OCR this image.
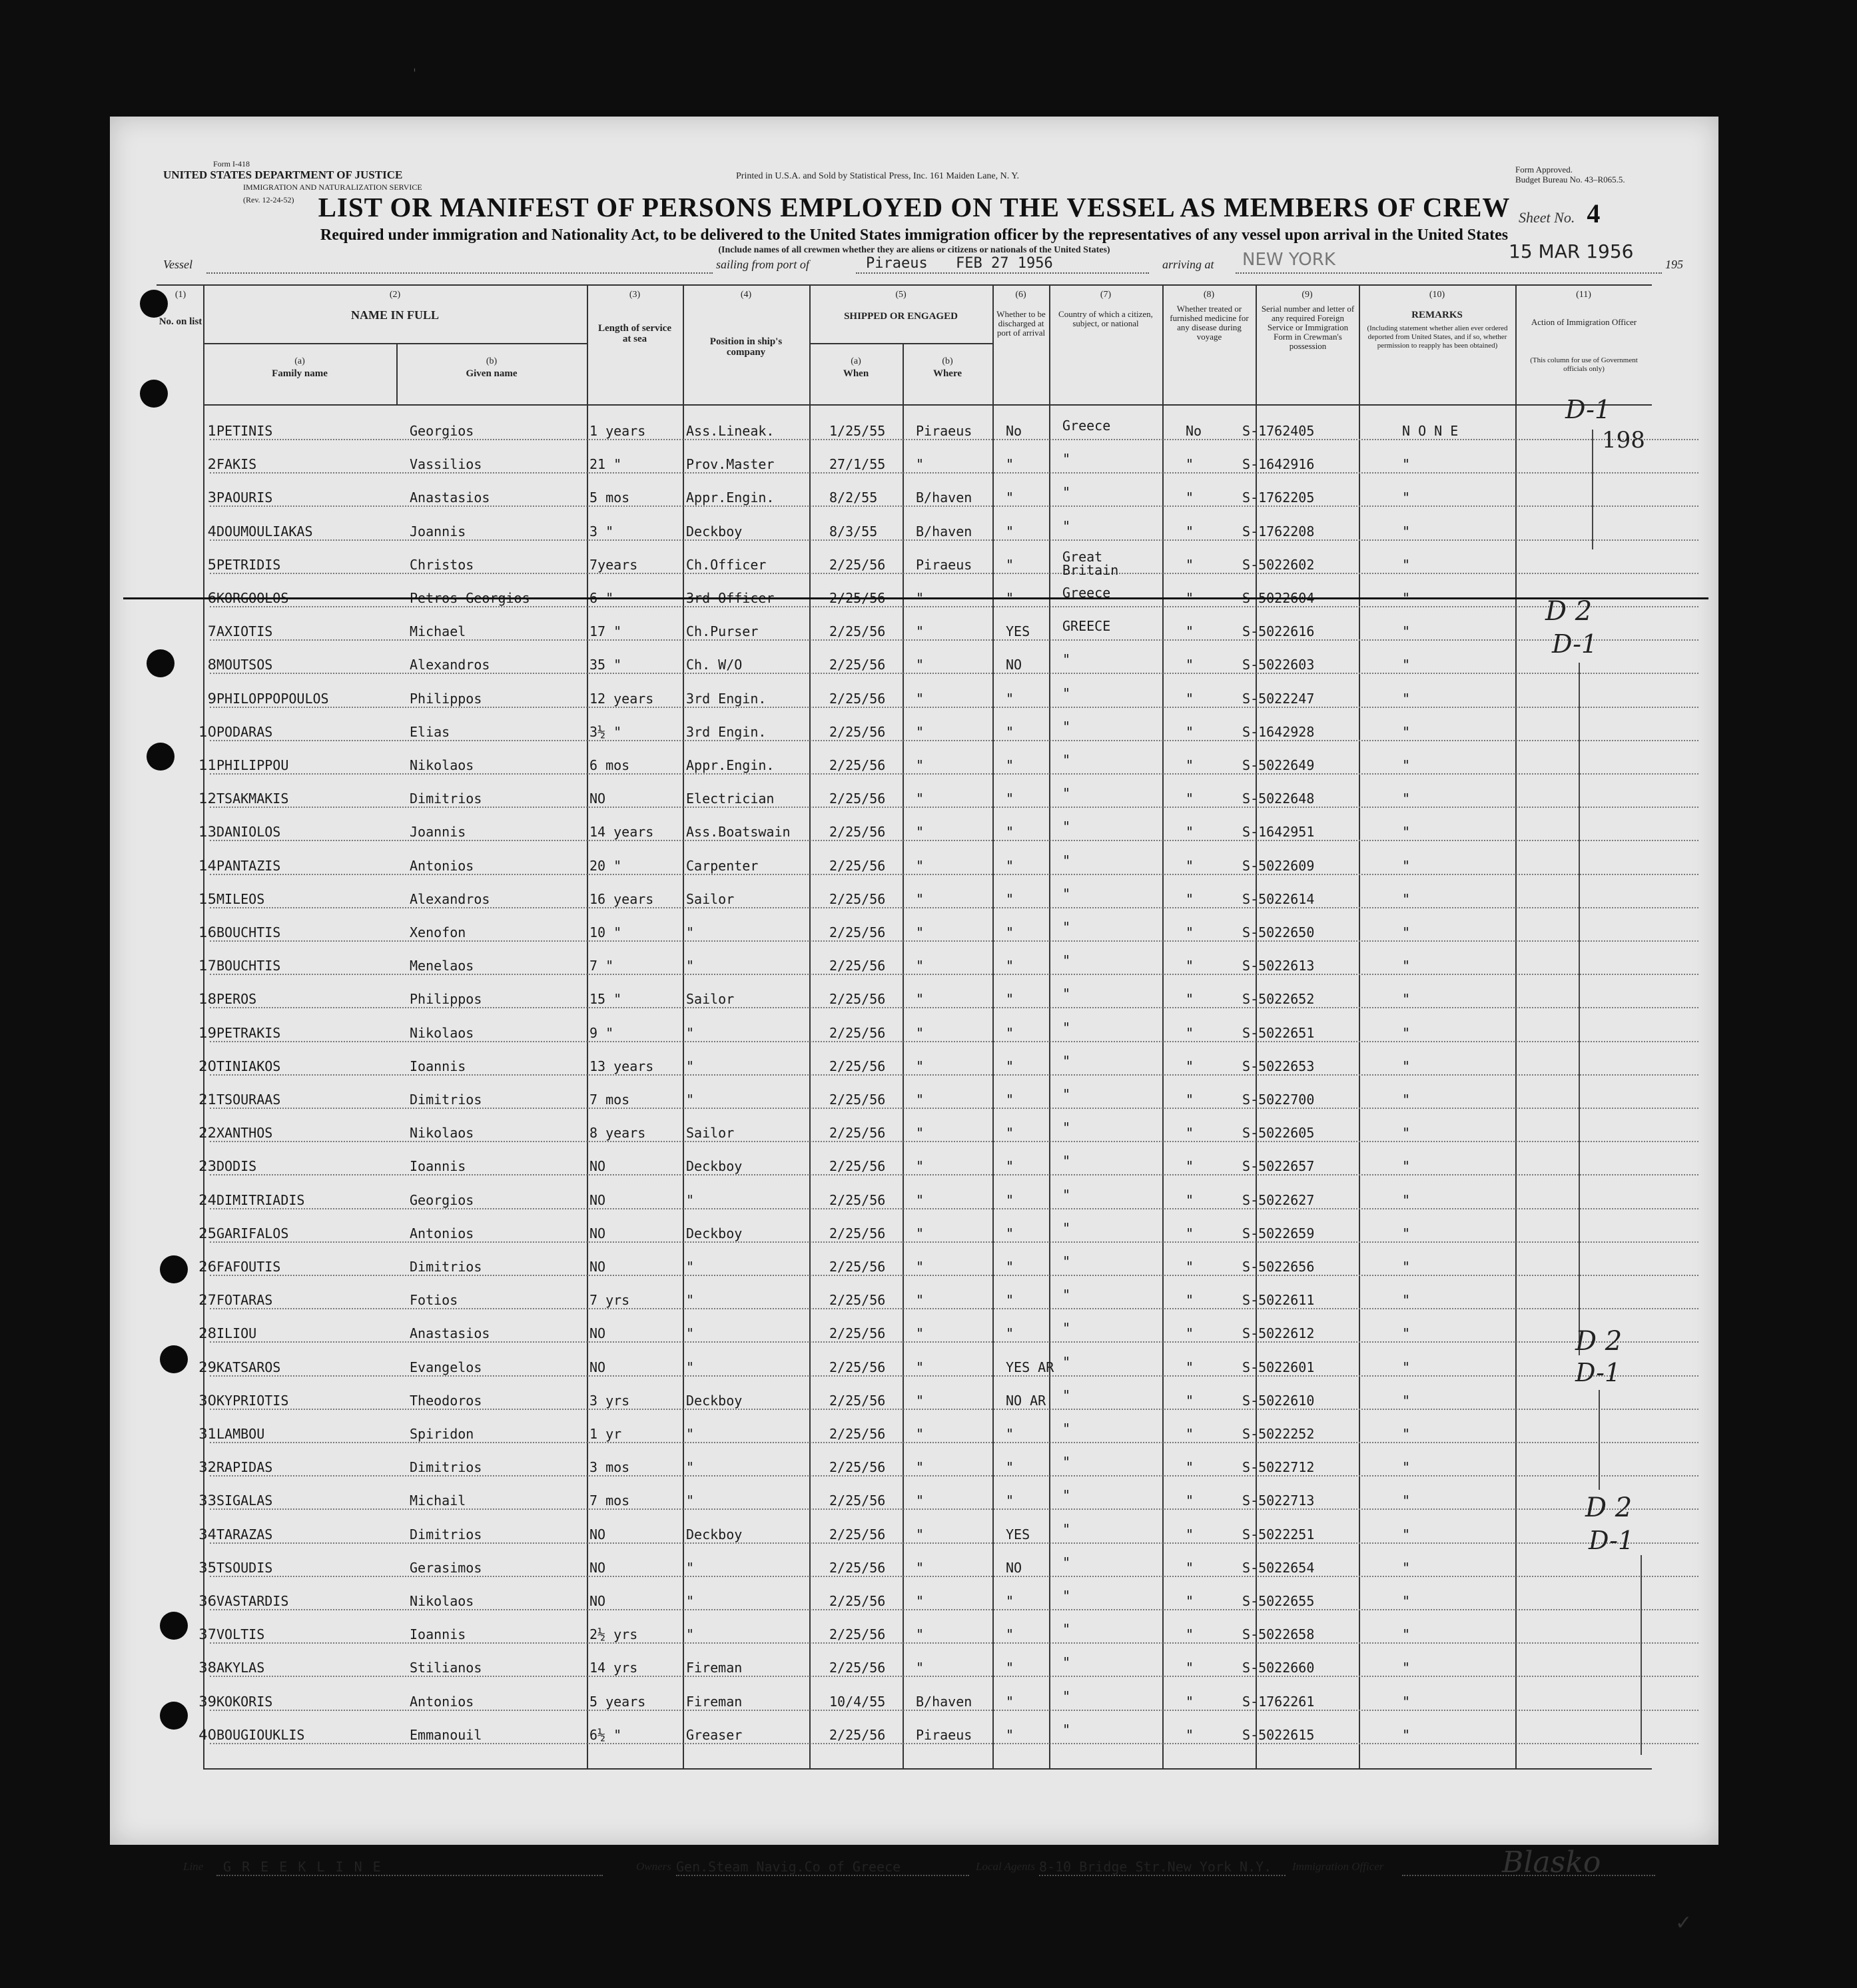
UNITED STATES DEPARTMENT OF JUSTICE

IMMIGRATION AND NATURALIZATION SERVICE
Form I-418
(Rev. 12-24-52)
Printed in U.S.A. and Sold by Statistical Press, Inc. 161 Maiden Lane, N. Y.
Form Approved.
Budget Bureau No. 43–R065.5.
LIST OR MANIFEST OF PERSONS EMPLOYED ON THE VESSEL AS MEMBERS OF CREW Sheet No. 4
Required under immigration and Nationality Act, to be delivered to the United States immigration officer by the representatives of any vessel upon arrival in the United States
(Include names of all crewmen whether they are aliens or citizens or nationals of the United States)
Vessel	sailing from port of	Piraeus FEB 27 1956	arriving at NEW YORK	15 MAR 1956
195
(1)	(2)	(3)	(4)	(5)	(6)	(7)	(8)	(9)	(10)	(11)
No. on list	NAME IN FULL
(a)
Family name
(b)
Given name
Length of service at sea	Position in ship's company
SHIPPED OR ENGAGED
(a)
When
(b)
Where
Whether to be discharged at port of arrival
Country of which a citizen, subject, or national
Whether treated or furnished medicine for any disease during voyage
Serial number and letter of any required Foreign Service or Immigration Form in Crewman's possession
REMARKS
(Including statement whether alien ever ordered deported from United States, and if so, whether permission to reapply has been obtained)
Action of Immigration Officer
(This column for use of Government officials only)
1 PETINIS	Georgios	1 years	Ass.Lineak.	1/25/55 Piraeus	No	Greece	No	S-1762405	N O N E
2 FAKIS	Vassilios	21 "	Prov.Master	27/1/55 "	"	"	"	S-1642916	"
3 PAOURIS	Anastasios	5 mos	Appr.Engin.	8/2/55	B/haven	"	"	"	S-1762205	"
4 DOUMOULIAKAS	Joannis	3 "	Deckboy	8/3/55	B/haven	"	"	"	S-1762208	"
5 PETRIDIS	Christos	7years	Ch.Officer	2/25/56 Piraeus	"	Great Britain	"	S-5022602	"
6 KORGOOLOS	Petros-Georgios	6 "	3rd Officer	2/25/56 "	"	Greece	"	S-5022604	"
7 AXIOTIS	Michael	17 "	Ch.Purser	2/25/56 "	YES GREECE	"	S-5022616	"
8 MOUTSOS	Alexandros	35 "	Ch. W/O	2/25/56 "	NO	"	"	S-5022603	"
9 PHILOPPOPOULOS	Philippos	12 years 3rd Engin.	2/25/56 "	"	"	"	S-5022247	"
10 PODARAS	Elias	3½ "	3rd Engin.	2/25/56 "	"	"	"	S-1642928	"
11 PHILIPPOU	Nikolaos	6 mos	Appr.Engin.	2/25/56 "	"	"	"	S-5022649	"
12 TSAKMAKIS	Dimitrios	NO	Electrician	2/25/56 "	"	"	"	S-5022648	"
13 DANIOLOS	Joannis	14 years Ass.Boatswain	2/25/56 "	"	"	"	S-1642951	"
14 PANTAZIS	Antonios	20 "	Carpenter	2/25/56 "	"	"	"	S-5022609	"
15 MILEOS	Alexandros	16 years Sailor	2/25/56 "	"	"	"	S-5022614	"
16 BOUCHTIS	Xenofon	10 "	"	2/25/56 "	"	"	"	S-5022650	"
17 BOUCHTIS	Menelaos	7 "	"	2/25/56 "	"	"	"	S-5022613	"
18 PEROS	Philippos	15 "	Sailor	2/25/56 "	"	"	"	S-5022652	"
19 PETRAKIS	Nikolaos	9 "	"	2/25/56 "	"	"	"	S-5022651	"
20 TINIAKOS	Ioannis	13 years "	2/25/56 "	"	"	"	S-5022653	"
21 TSOURAAS	Dimitrios	7 mos	"	2/25/56 "	"	"	"	S-5022700	"
22 XANTHOS	Nikolaos	8 years	Sailor	2/25/56 "	"	"	"	S-5022605	"
23 DODIS	Ioannis	NO	Deckboy	2/25/56 "	"	"	"	S-5022657	"
24 DIMITRIADIS	Georgios	NO	"	2/25/56 "	"	"	"	S-5022627	"
25 GARIFALOS	Antonios	NO	Deckboy	2/25/56 "	"	"	"	S-5022659	"
26 FAFOUTIS	Dimitrios	NO	"	2/25/56 "	"	"	"	S-5022656	"
27 FOTARAS	Fotios	7 yrs	"	2/25/56 "	"	"	"	S-5022611	"
28 ILIOU	Anastasios	NO	"	2/25/56 "	"	"	"	S-5022612	"
29 KATSAROS	Evangelos	NO	"	2/25/56 "	YES AR "	"	S-5022601	"
30 KYPRIOTIS	Theodoros	3 yrs	Deckboy	2/25/56 "	NO AR "	"	S-5022610	"
31 LAMBOU	Spiridon	1 yr	"	2/25/56 "	"	"	"	S-5022252	"
32 RAPIDAS	Dimitrios	3 mos	"	2/25/56 "	"	"	"	S-5022712	"
33 SIGALAS	Michail	7 mos	"	2/25/56 "	"	"	"	S-5022713	"
34 TARAZAS	Dimitrios	NO	Deckboy	2/25/56 "	YES "	"	S-5022251	"
35 TSOUDIS	Gerasimos	NO	"	2/25/56 "	NO	"	"	S-5022654	"
36 VASTARDIS	Nikolaos	NO	"	2/25/56 "	"	"	"	S-5022655	"
37 VOLTIS	Ioannis	2½ yrs	"	2/25/56 "	"	"	"	S-5022658	"
38 AKYLAS	Stilianos	14 yrs	Fireman	2/25/56 "	"	"	"	S-5022660	"
39 KOKORIS	Antonios	5 years	Fireman	10/4/55 B/haven	"	"	"	S-1762261	"
40 BOUGIOUKLIS	Emmanouil	6½ "	Greaser	2/25/56 Piraeus	"	"	"	S-5022615	"
D-1
198
D 2
D-1
D 2
D-1
D 2
D-1
Line G R E E K L I N E	Owners Gen.Steam Navig.Co of Greece	Local Agents 8-10 Bridge Str.New York N.Y. Immigration Officer	Blasko
✓
ˈ
